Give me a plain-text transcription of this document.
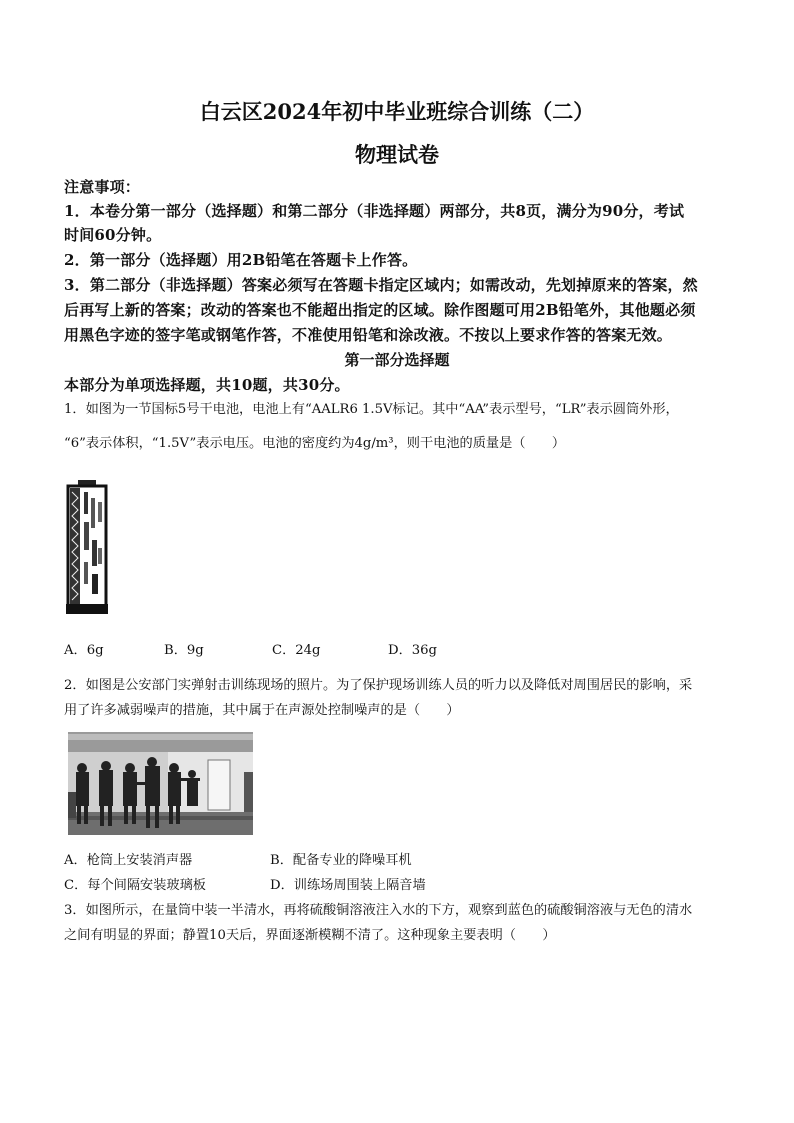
白云区2024年初中毕业班综合训练（二）
物理试卷
注意事项：
1．本卷分第一部分（选择题）和第二部分（非选择题）两部分，共8页，满分为90分，考试
时间60分钟。
2．第一部分（选择题）用2B铅笔在答题卡上作答。
3．第二部分（非选择题）答案必须写在答题卡指定区域内；如需改动，先划掉原来的答案，然
后再写上新的答案；改动的答案也不能超出指定的区域。除作图题可用2B铅笔外，其他题必须
用黑色字迹的签字笔或钢笔作答，不准使用铅笔和涂改液。不按以上要求作答的答案无效。
第一部分选择题
本部分为单项选择题，共10题，共30分。
1．如图为一节国标5号干电池，电池上有“AALR6 1.5V标记。其中“AA”表示型号，“LR”表示圆筒外形，
“6”表示体积，“1.5V”表示电压。电池的密度约为4g/m³，则干电池的质量是（　　）
A．6g	B．9g	C．24g	D．36g
2．如图是公安部门实弹射击训练现场的照片。为了保护现场训练人员的听力以及降低对周围居民的影响，采
用了许多减弱噪声的措施，其中属于在声源处控制噪声的是（　　）
A．枪筒上安装消声器	B．配备专业的降噪耳机
C．每个间隔安装玻璃板	D．训练场周围装上隔音墙
3．如图所示，在量筒中装一半清水，再将硫酸铜溶液注入水的下方，观察到蓝色的硫酸铜溶液与无色的清水
之间有明显的界面；静置10天后，界面逐渐模糊不清了。这种现象主要表明（　　）
